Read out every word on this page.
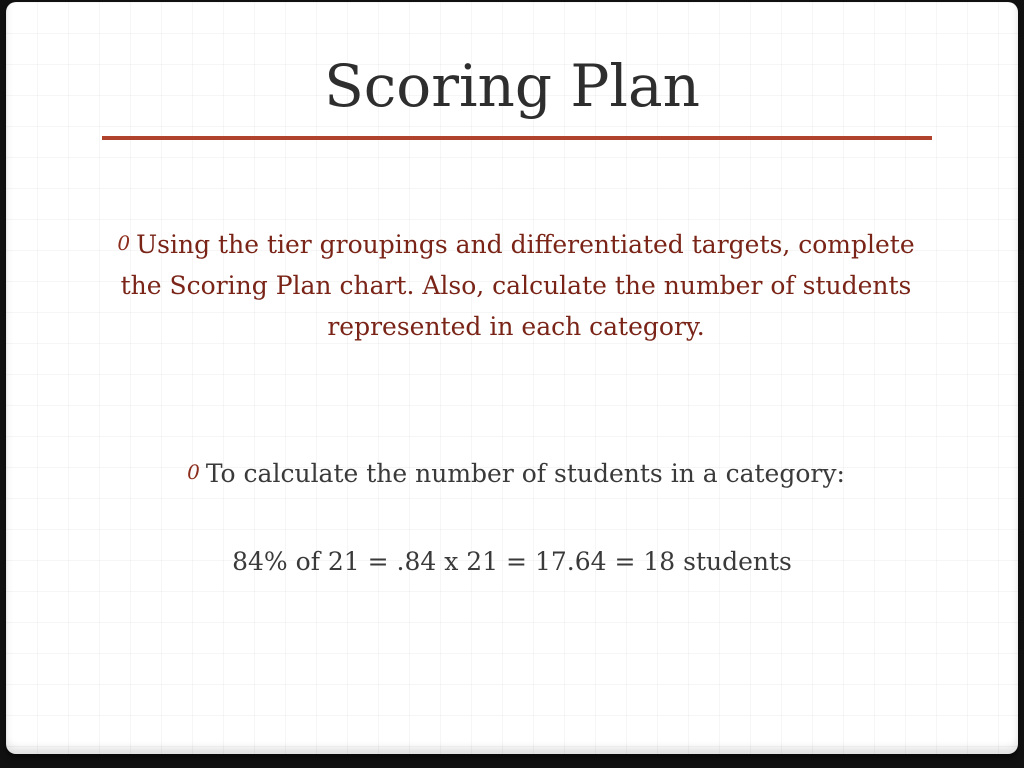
Scoring Plan
0 Using the tier groupings and differentiated targets, complete the Scoring Plan chart. Also, calculate the number of students represented in each category.
0 To calculate the number of students in a category:
84% of 21 = .84 x 21 = 17.64 = 18 students
